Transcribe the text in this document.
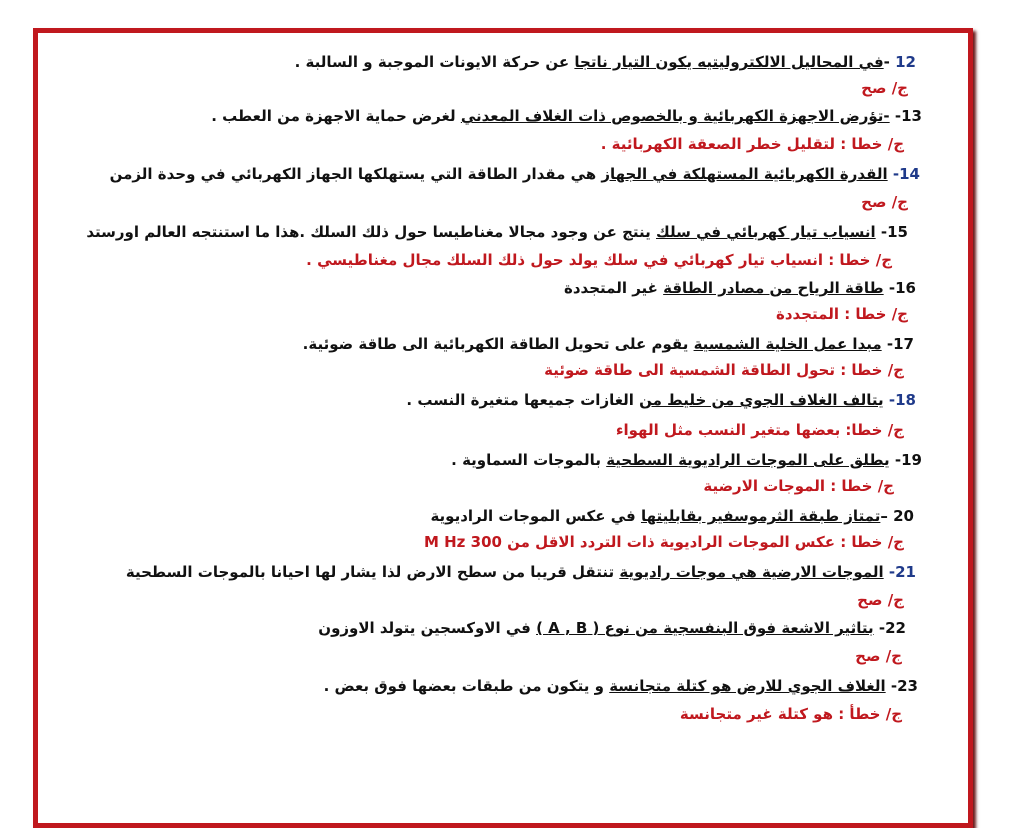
12 -في المحاليل الالكتروليتيه يكون التيار ناتجا عن حركة الايونات الموجبة و السالبة .
ج/ صح
13- -تؤرض الاجهزة الكهربائية و بالخصوص ذات الغلاف المعدني لغرض حماية الاجهزة من العطب .
ج/ خطا : لتقليل خطر الصعقة الكهربائية .
14- القدرة الكهربائية المستهلكة في الجهاز هي مقدار الطاقة التي يستهلكها الجهاز الكهربائي في وحدة الزمن
ج/ صح
15- انسياب تيار كهربائي في سلك ينتج عن وجود مجالا مغناطيسا حول ذلك السلك .هذا ما استنتجه العالم اورستد
ج/ خطا : انسياب تيار كهربائي في سلك يولد حول ذلك السلك مجال مغناطيسي .
16- طاقة الرياح من مصادر الطاقة غير المتجددة
ج/ خطا : المتجددة
17- مبدا عمل الخلية الشمسية يقوم على تحويل الطاقة الكهربائية الى طاقة ضوئية.
ج/ خطا : تحول الطاقة الشمسية الى طاقة ضوئية
18- يتالف الغلاف الجوي من خليط من الغازات جميعها متغيرة النسب .
ج/ خطا: بعضها متغير النسب مثل الهواء
19- يطلق على الموجات الراديوية السطحية بالموجات السماوية .
ج/ خطا : الموجات الارضية
20 –تمتاز طبقة الثرموسفير بقابليتها في عكس الموجات الراديوية
ج/ خطا : عكس الموجات الراديوية ذات التردد الاقل من 300 M Hz
21- الموجات الارضية هي موجات راديوية تنتقل قريبا من سطح الارض لذا يشار لها احيانا بالموجات السطحية
ج/ صح
22- بتاثير الاشعة فوق البنفسجية من نوع ( A , B ) في الاوكسجين يتولد الاوزون
ج/ صح
23- الغلاف الجوي للارض هو كتلة متجانسة و يتكون من طبقات بعضها فوق بعض .
ج/ خطأ : هو كتلة غير متجانسة
